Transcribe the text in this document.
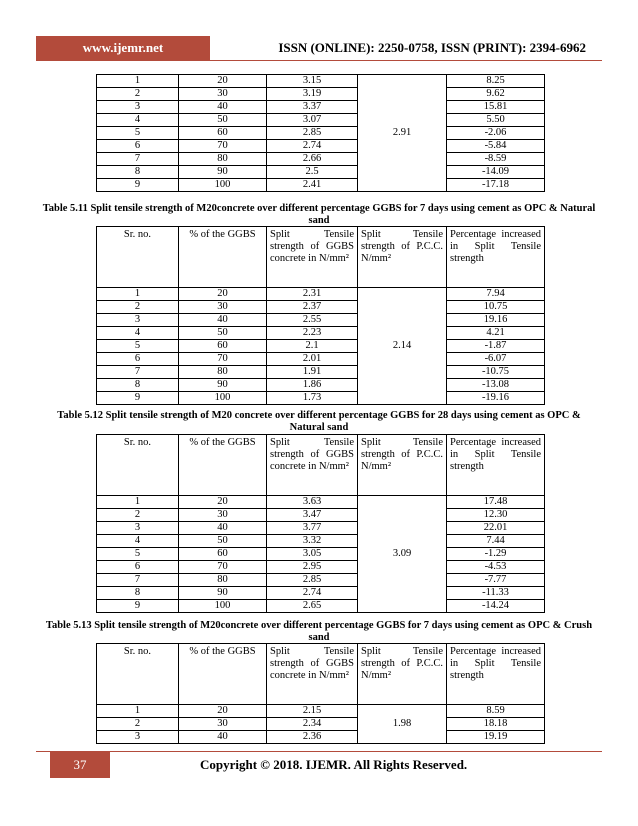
www.ijemr.net	ISSN (ONLINE): 2250-0758, ISSN (PRINT): 2394-6962
1	20	3.15	2.91	8.25
2	30	3.19		9.62
3	40	3.37		15.81
4	50	3.07		5.50
5	60	2.85		-2.06
6	70	2.74		-5.84
7	80	2.66		-8.59
8	90	2.5		-14.09
9	100	2.41		-17.18
Table 5.11 Split tensile strength of M20concrete over different percentage GGBS for 7 days using cement as OPC & Natural sand
Sr. no.	% of the GGBS	Split Tensile strength of GGBS concrete in N/mm²	Split Tensile strength of P.C.C. N/mm²	Percentage increased in Split Tensile strength
1	20	2.31	2.14	7.94
2	30	2.37		10.75
3	40	2.55		19.16
4	50	2.23		4.21
5	60	2.1		-1.87
6	70	2.01		-6.07
7	80	1.91		-10.75
8	90	1.86		-13.08
9	100	1.73		-19.16
Table 5.12 Split tensile strength of M20 concrete over different percentage GGBS for 28 days using cement as OPC & Natural sand
Sr. no.	% of the GGBS	Split Tensile strength of GGBS concrete in N/mm²	Split Tensile strength of P.C.C. N/mm²	Percentage increased in Split Tensile strength
1	20	3.63	3.09	17.48
2	30	3.47		12.30
3	40	3.77		22.01
4	50	3.32		7.44
5	60	3.05		-1.29
6	70	2.95		-4.53
7	80	2.85		-7.77
8	90	2.74		-11.33
9	100	2.65		-14.24
Table 5.13 Split tensile strength of M20concrete over different percentage GGBS for 7 days using cement as OPC & Crush sand
Sr. no.	% of the GGBS	Split Tensile strength of GGBS concrete in N/mm²	Split Tensile strength of P.C.C. N/mm²	Percentage increased in Split Tensile strength
1	20	2.15	1.98	8.59
2	30	2.34		18.18
3	40	2.36		19.19
37	Copyright © 2018. IJEMR. All Rights Reserved.
